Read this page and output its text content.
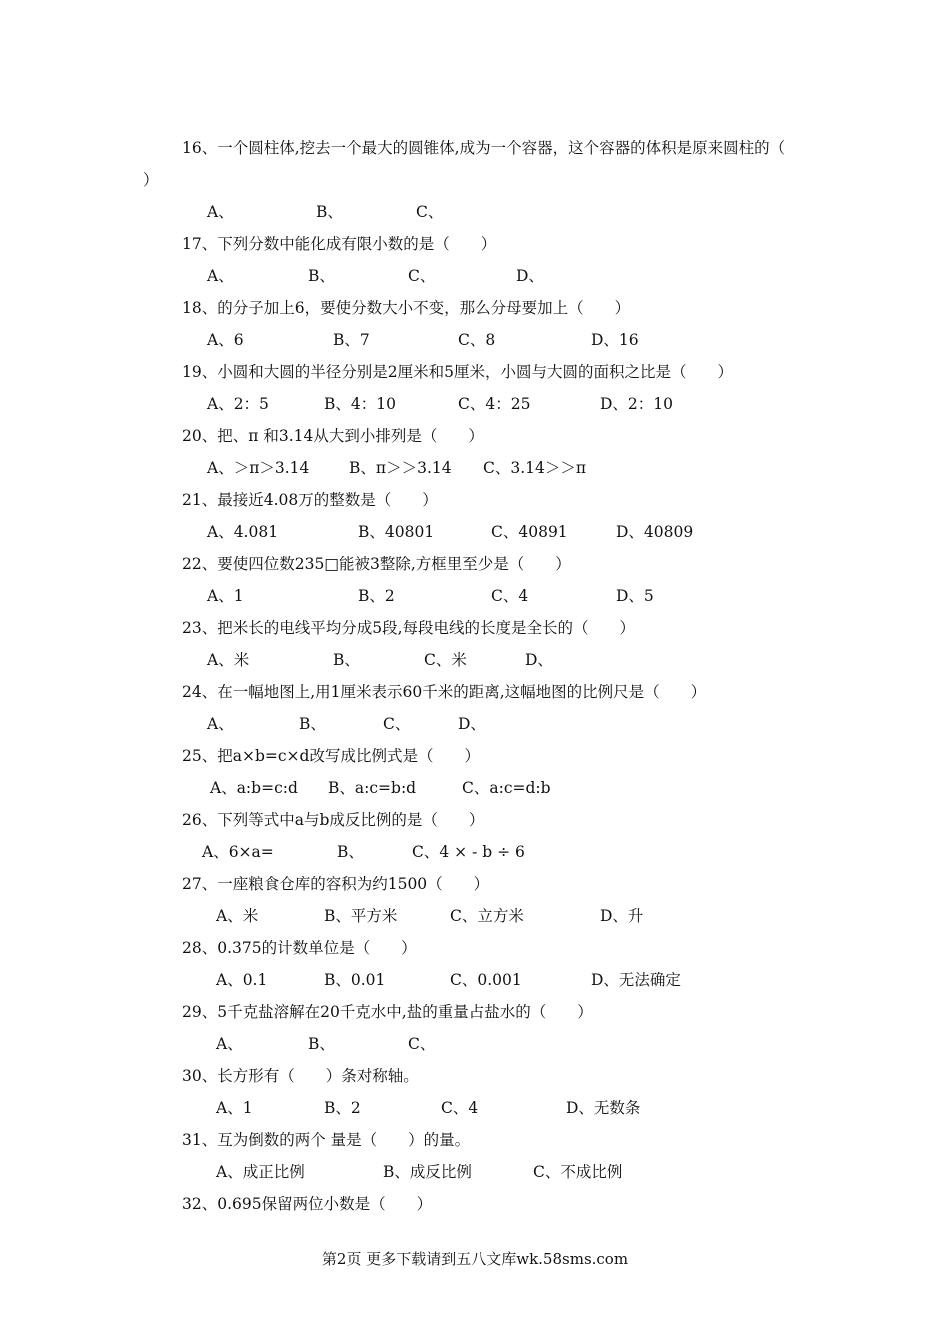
16、一个圆柱体,挖去一个最大的圆锥体,成为一个容器，这个容器的体积是原来圆柱的（
）
A、	B、	C、
17、下列分数中能化成有限小数的是（　　）
A、	B、	C、	D、
18、的分子加上6，要使分数大小不变，那么分母要加上（　　）
A、6	B、7	C、8	D、16
19、小圆和大圆的半径分别是2厘米和5厘米，小圆与大圆的面积之比是（　　）
A、2：5	B、4：10	C、4：25	D、2：10
20、把、π 和3.14从大到小排列是（　　）
A、＞π＞3.14	B、π＞＞3.14 C、3.14＞＞π
21、最接近4.08万的整数是（　　）
A、4.081	B、40801	C、40891	D、40809
22、要使四位数235□能被3整除,方框里至少是（　　）
A、1	B、2	C、4	D、5
23、把米长的电线平均分成5段,每段电线的长度是全长的（　　）
A、米	B、	C、米	D、
24、在一幅地图上,用1厘米表示60千米的距离,这幅地图的比例尺是（　　）
A、	B、	C、	D、
25、把a×b=c×d改写成比例式是（　　）
A、a:b=c:d B、a:c=b:d	C、a:c=d:b
26、下列等式中a与b成反比例的是（　　）
A、6×a=	B、	C、4 × - b ÷ 6
27、一座粮食仓库的容积为约1500（　　）
A、米	B、平方米	C、立方米	D、升
28、0.375的计数单位是（　　）
A、0.1	B、0.01	C、0.001	D、无法确定
29、5千克盐溶解在20千克水中,盐的重量占盐水的（　　）
A、	B、	C、
30、长方形有（　　）条对称轴。
A、1	B、2	C、4	D、无数条
31、互为倒数的两个 量是（　　）的量。
A、成正比例	B、成反比例	C、不成比例
32、0.695保留两位小数是（　　）
第2页 更多下载请到五八文库wk.58sms.com
